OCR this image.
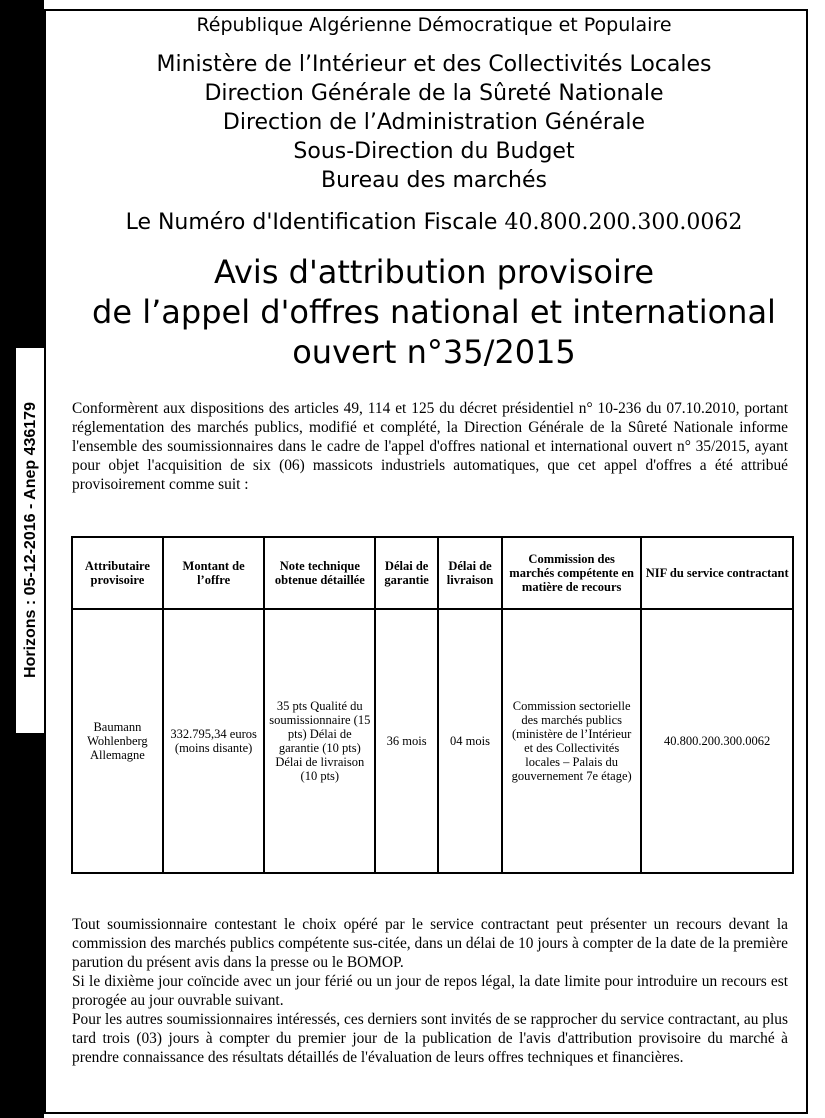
Horizons : 05-12-2016 - Anep 436179
République Algérienne Démocratique et Populaire
Ministère de l’Intérieur et des Collectivités Locales
Direction Générale de la Sûreté Nationale
Direction de l’Administration Générale
Sous-Direction du Budget
Bureau des marchés
Le Numéro d'Identification Fiscale 40.800.200.300.0062
Avis d'attribution provisoire
de l’appel d'offres national et international
ouvert n°35/2015

Conformèrent aux dispositions des articles 49, 114 et 125 du décret présidentiel n° 10-236 du 07.10.2010, portant réglementation des marchés publics, modifié et complété, la Direction Générale de la Sûreté Nationale informe l'ensemble des soumissionnaires dans le cadre de l'appel d'offres national et international ouvert n° 35/2015, ayant pour objet l'acquisition de six (06) massicots industriels automatiques, que cet appel d'offres a été attribué provisoirement comme suit :

Attributaire provisoire	Montant de l’offre	Note technique obtenue détaillée	Délai de garantie	Délai de livraison	Commission des marchés compétente en matière de recours	NIF du service contractant
Baumann Wohlenberg Allemagne	332.795,34 euros (moins disante)	35 pts Qualité du soumissionnaire (15 pts) Délai de garantie (10 pts) Délai de livraison (10 pts)	36 mois	04 mois	Commission sectorielle des marchés publics (ministère de l’Intérieur et des Collectivités locales – Palais du gouvernement 7e étage)	40.800.200.300.0062

Tout soumissionnaire contestant le choix opéré par le service contractant peut présenter un recours devant la commission des marchés publics compétente sus-citée, dans un délai de 10 jours à compter de la date de la première parution du présent avis dans la presse ou le BOMOP.

Si le dixième jour coïncide avec un jour férié ou un jour de repos légal, la date limite pour introduire un recours est prorogée au jour ouvrable suivant.

Pour les autres soumissionnaires intéressés, ces derniers sont invités de se rapprocher du service contractant, au plus tard trois (03) jours à compter du premier jour de la publication de l'avis d'attribution provisoire du marché à prendre connaissance des résultats détaillés de l'évaluation de leurs offres techniques et financières.
